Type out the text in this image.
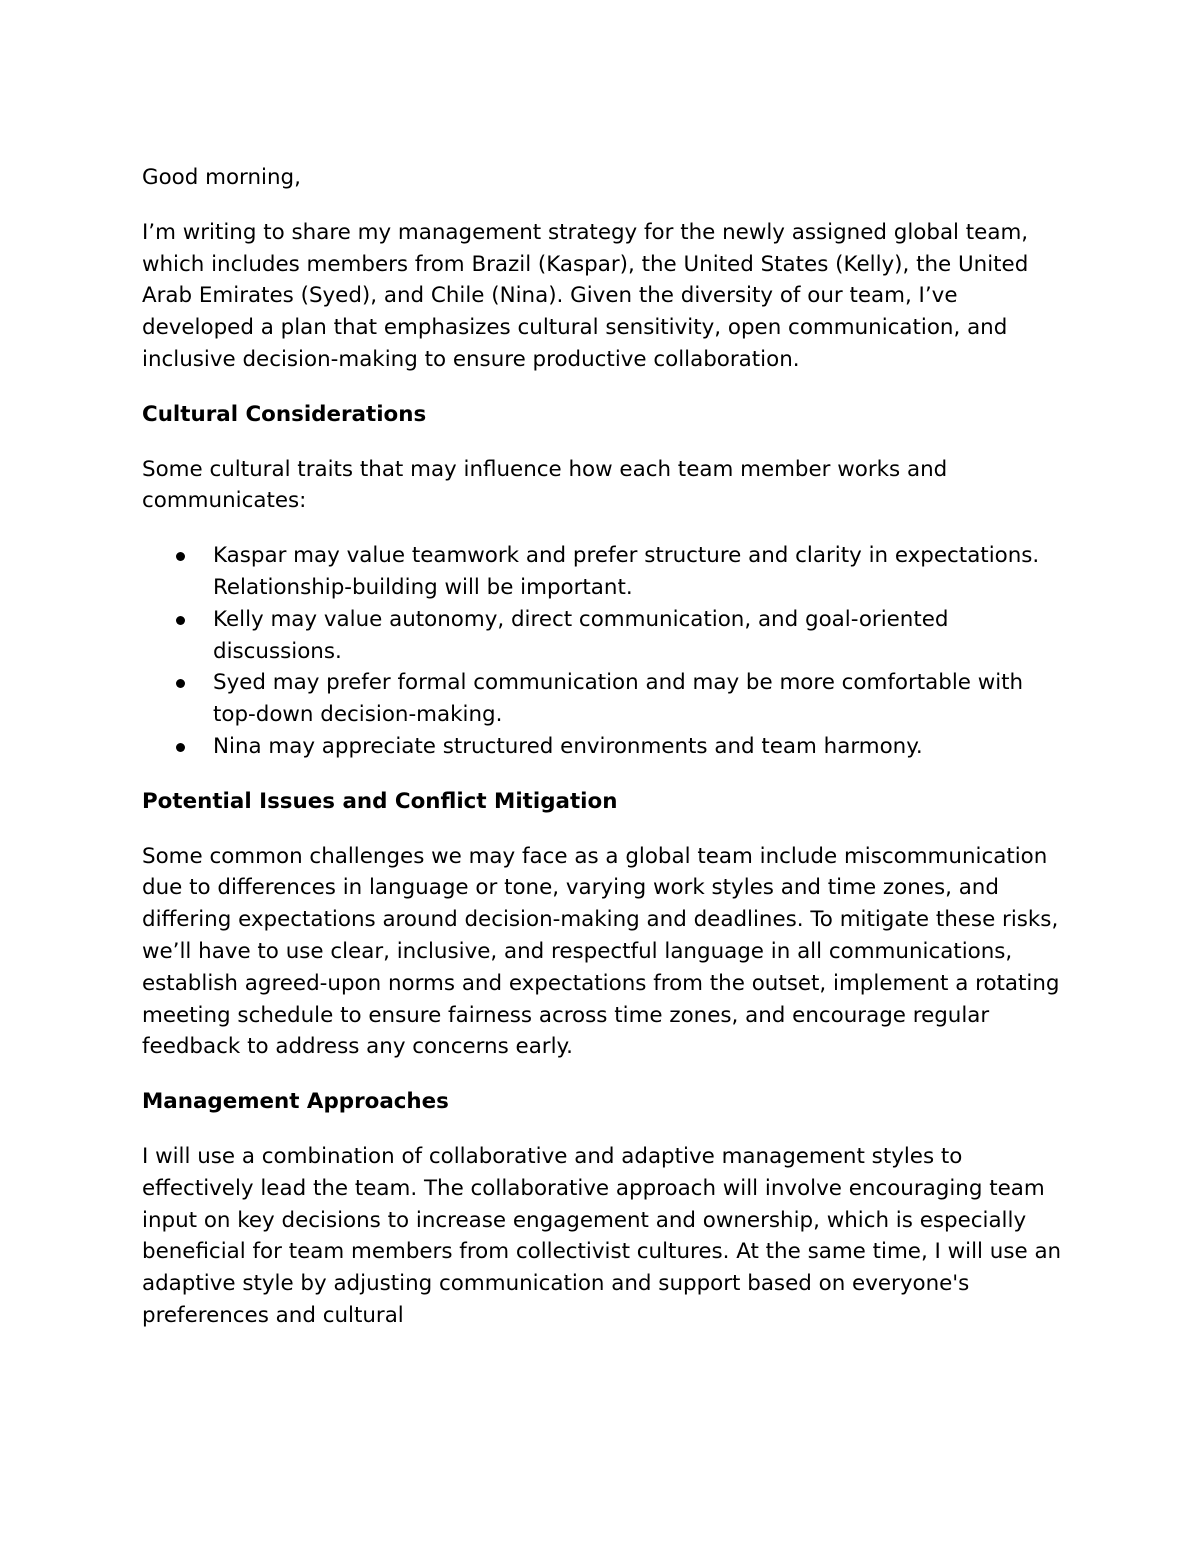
Good morning,

I’m writing to share my management strategy for the newly assigned global team, which includes members from Brazil (Kaspar), the United States (Kelly), the United Arab Emirates (Syed), and Chile (Nina). Given the diversity of our team, I’ve developed a plan that emphasizes cultural sensitivity, open communication, and inclusive decision-making to ensure productive collaboration.

Cultural Considerations

Some cultural traits that may influence how each team member works and communicates:

Kaspar may value teamwork and prefer structure and clarity in expectations. Relationship-building will be important.
Kelly may value autonomy, direct communication, and goal-oriented discussions.
Syed may prefer formal communication and may be more comfortable with top-down decision-making.
Nina may appreciate structured environments and team harmony.
Potential Issues and Conflict Mitigation

Some common challenges we may face as a global team include miscommunication due to differences in language or tone, varying work styles and time zones, and differing expectations around decision-making and deadlines. To mitigate these risks, we’ll have to use clear, inclusive, and respectful language in all communications, establish agreed-upon norms and expectations from the outset, implement a rotating meeting schedule to ensure fairness across time zones, and encourage regular feedback to address any concerns early.

Management Approaches

I will use a combination of collaborative and adaptive management styles to effectively lead the team. The collaborative approach will involve encouraging team input on key decisions to increase engagement and ownership, which is especially beneficial for team members from collectivist cultures. At the same time, I will use an adaptive style by adjusting communication and support based on everyone's preferences and cultural
